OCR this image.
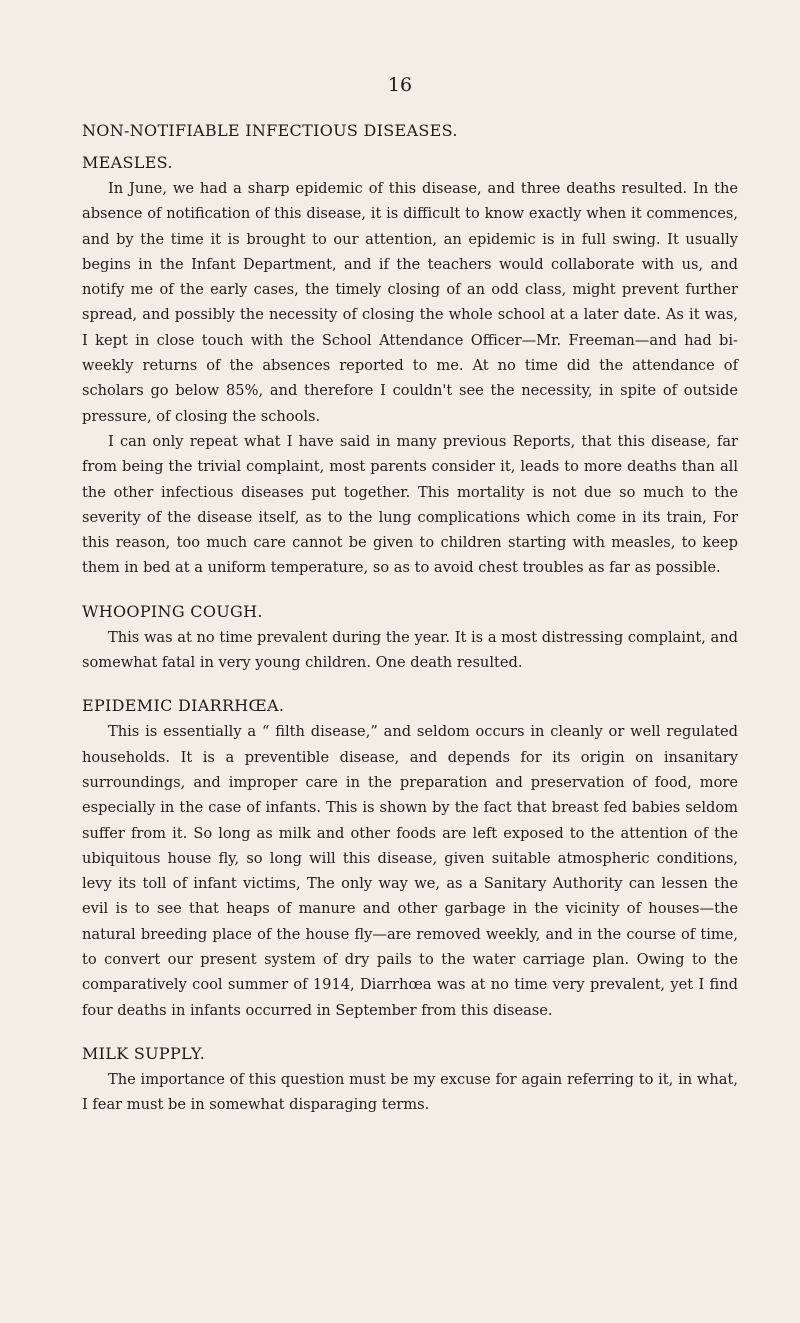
16
NON-NOTIFIABLE INFECTIOUS DISEASES.
MEASLES.

In June, we had a sharp epidemic of this disease, and three deaths resulted. In the absence of notification of this disease, it is difficult to know exactly when it commences, and by the time it is brought to our attention, an epidemic is in full swing. It usually begins in the Infant Department, and if the teachers would collaborate with us, and notify me of the early cases, the timely closing of an odd class, might prevent further spread, and possibly the necessity of closing the whole school at a later date. As it was, I kept in close touch with the School Attendance Officer—Mr. Freeman—and had bi-weekly returns of the absences reported to me. At no time did the attendance of scholars go below 85%, and therefore I couldn't see the necessity, in spite of outside pressure, of closing the schools.

I can only repeat what I have said in many previous Reports, that this disease, far from being the trivial complaint, most parents consider it, leads to more deaths than all the other infectious diseases put together. This mortality is not due so much to the severity of the disease itself, as to the lung complications which come in its train, For this reason, too much care cannot be given to children starting with measles, to keep them in bed at a uniform temperature, so as to avoid chest troubles as far as possible.

WHOOPING COUGH.

This was at no time prevalent during the year. It is a most distressing complaint, and somewhat fatal in very young children. One death resulted.

EPIDEMIC DIARRHŒA.

This is essentially a “ filth disease,” and seldom occurs in cleanly or well regulated households. It is a preventible disease, and depends for its origin on insanitary surroundings, and improper care in the preparation and preservation of food, more especially in the case of infants. This is shown by the fact that breast fed babies seldom suffer from it. So long as milk and other foods are left exposed to the attention of the ubiquitous house fly, so long will this disease, given suitable atmospheric conditions, levy its toll of infant victims, The only way we, as a Sanitary Authority can lessen the evil is to see that heaps of manure and other garbage in the vicinity of houses—the natural breeding place of the house fly—are removed weekly, and in the course of time, to convert our present system of dry pails to the water carriage plan. Owing to the comparatively cool summer of 1914, Diarrhœa was at no time very prevalent, yet I find four deaths in infants occurred in September from this disease.

MILK SUPPLY.

The importance of this question must be my excuse for again referring to it, in what, I fear must be in somewhat disparaging terms.
